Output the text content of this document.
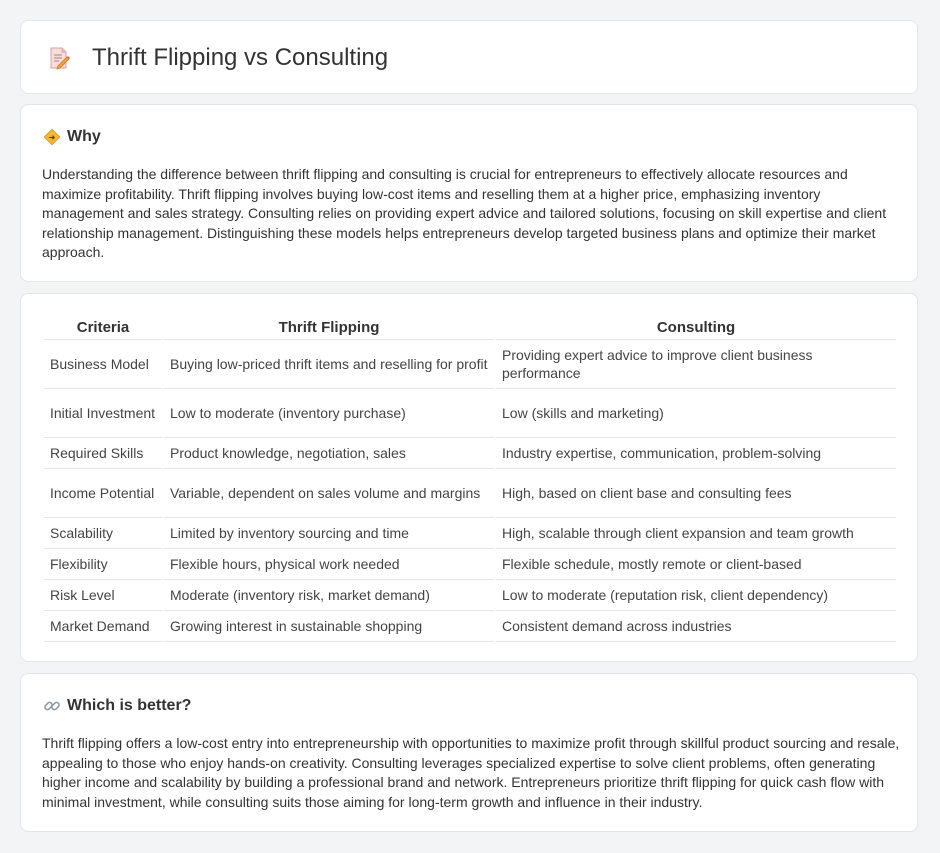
Thrift Flipping vs Consulting
Why

Understanding the difference between thrift flipping and consulting is crucial for entrepreneurs to effectively allocate resources and maximize profitability. Thrift flipping involves buying low-cost items and reselling them at a higher price, emphasizing inventory management and sales strategy. Consulting relies on providing expert advice and tailored solutions, focusing on skill expertise and client relationship management. Distinguishing these models helps entrepreneurs develop targeted business plans and optimize their market approach.

Criteria	Thrift Flipping	Consulting
Business Model	Buying low-priced thrift items and reselling for profit	Providing expert advice to improve client business performance
Initial Investment	Low to moderate (inventory purchase)	Low (skills and marketing)
Required Skills	Product knowledge, negotiation, sales	Industry expertise, communication, problem-solving
Income Potential	Variable, dependent on sales volume and margins	High, based on client base and consulting fees
Scalability	Limited by inventory sourcing and time	High, scalable through client expansion and team growth
Flexibility	Flexible hours, physical work needed	Flexible schedule, mostly remote or client-based
Risk Level	Moderate (inventory risk, market demand)	Low to moderate (reputation risk, client dependency)
Market Demand	Growing interest in sustainable shopping	Consistent demand across industries
Which is better?

Thrift flipping offers a low-cost entry into entrepreneurship with opportunities to maximize profit through skillful product sourcing and resale, appealing to those who enjoy hands-on creativity. Consulting leverages specialized expertise to solve client problems, often generating higher income and scalability by building a professional brand and network. Entrepreneurs prioritize thrift flipping for quick cash flow with minimal investment, while consulting suits those aiming for long-term growth and influence in their industry.
